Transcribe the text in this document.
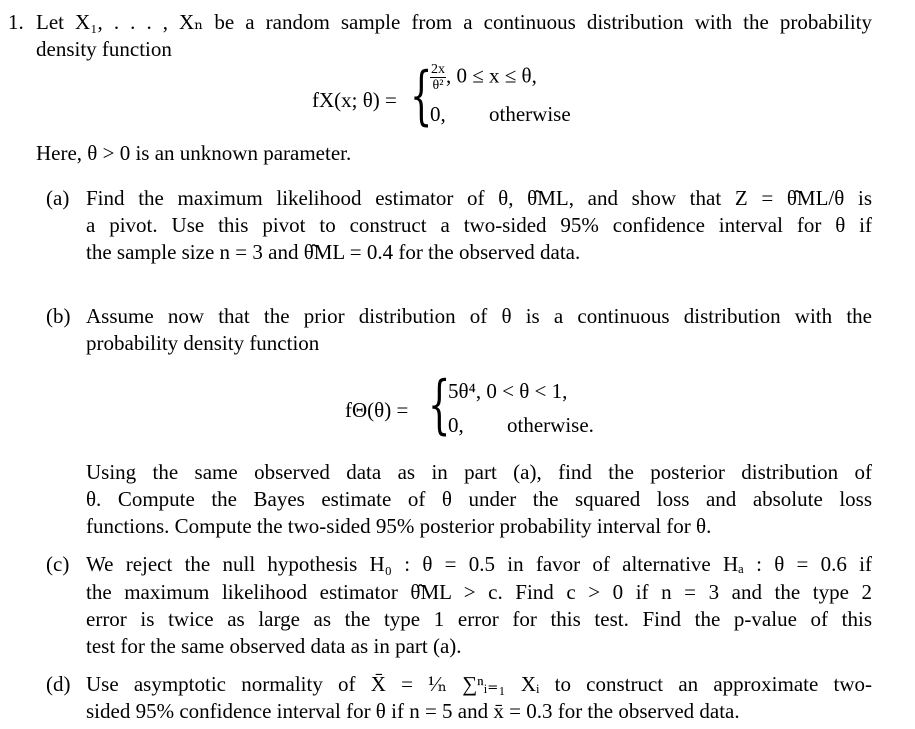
1. Let X₁, . . . , Xₙ be a random sample from a continuous distribution with the probability
density function
fX(x; θ) = {
$\frac{2x}{\text{θ²}}$ , 0 ≤ x ≤ θ,
0, otherwise
Here, θ > 0 is an unknown parameter.
(a) Find the maximum likelihood estimator of θ, θ̂ML, and show that Z = θ̂ML/θ is
a pivot. Use this pivot to construct a two-sided 95% confidence interval for θ if
the sample size n = 3 and θ̂ML = 0.4 for the observed data.
(b) Assume now that the prior distribution of θ is a continuous distribution with the
probability density function
fΘ(θ) = {
5θ⁴, 0 < θ < 1,
0, otherwise.
Using the same observed data as in part (a), find the posterior distribution of
θ. Compute the Bayes estimate of θ under the squared loss and absolute loss
functions. Compute the two-sided 95% posterior probability interval for θ.
(c) We reject the null hypothesis H₀ : θ = 0.5 in favor of alternative Hₐ : θ = 0.6 if
the maximum likelihood estimator θ̂ML > c. Find c > 0 if n = 3 and the type 2
error is twice as large as the type 1 error for this test. Find the p-value of this
test for the same observed data as in part (a).
(d) Use asymptotic normality of X̄ = ¹⁄ₙ ∑ⁿᵢ₌₁ Xᵢ to construct an approximate two-
sided 95% confidence interval for θ if n = 5 and x̄ = 0.3 for the observed data.
